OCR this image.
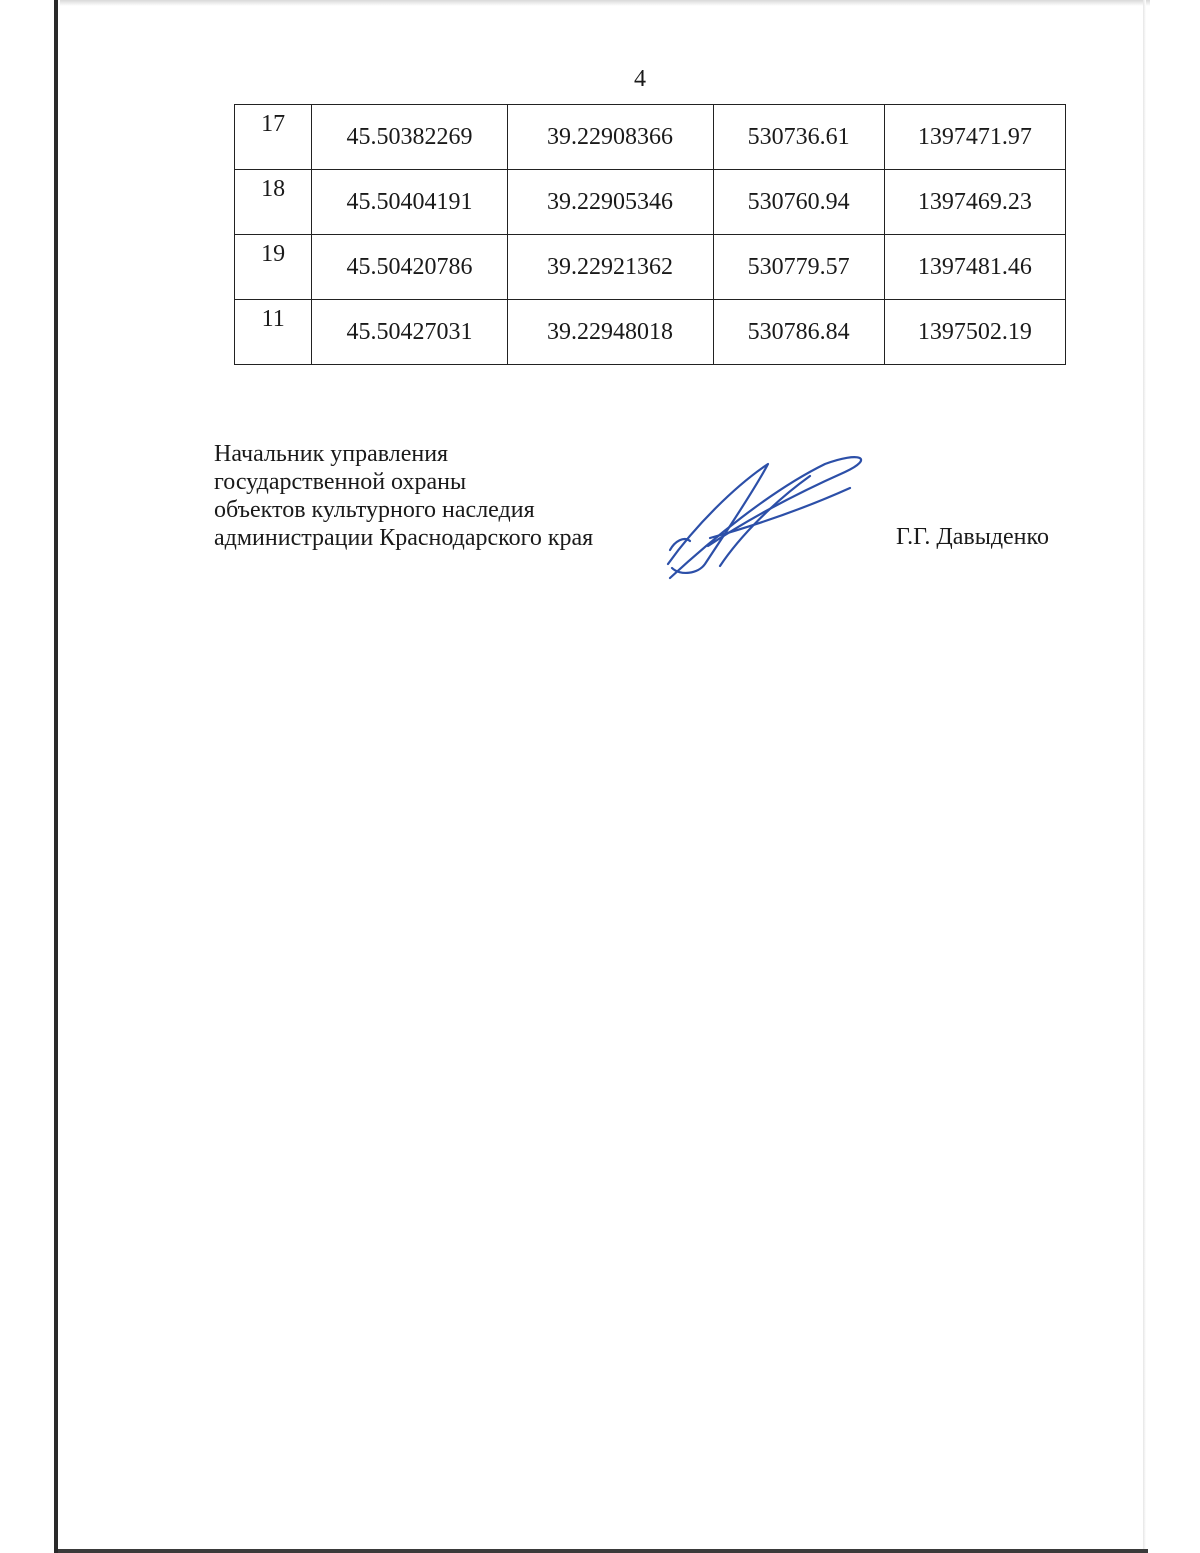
4
17	45.50382269	39.22908366	530736.61	1397471.97
18	45.50404191	39.22905346	530760.94	1397469.23
19	45.50420786	39.22921362	530779.57	1397481.46
11	45.50427031	39.22948018	530786.84	1397502.19
Начальник управления
государственной охраны
объектов культурного наследия
администрации Краснодарского края	Г.Г. Давыденко
